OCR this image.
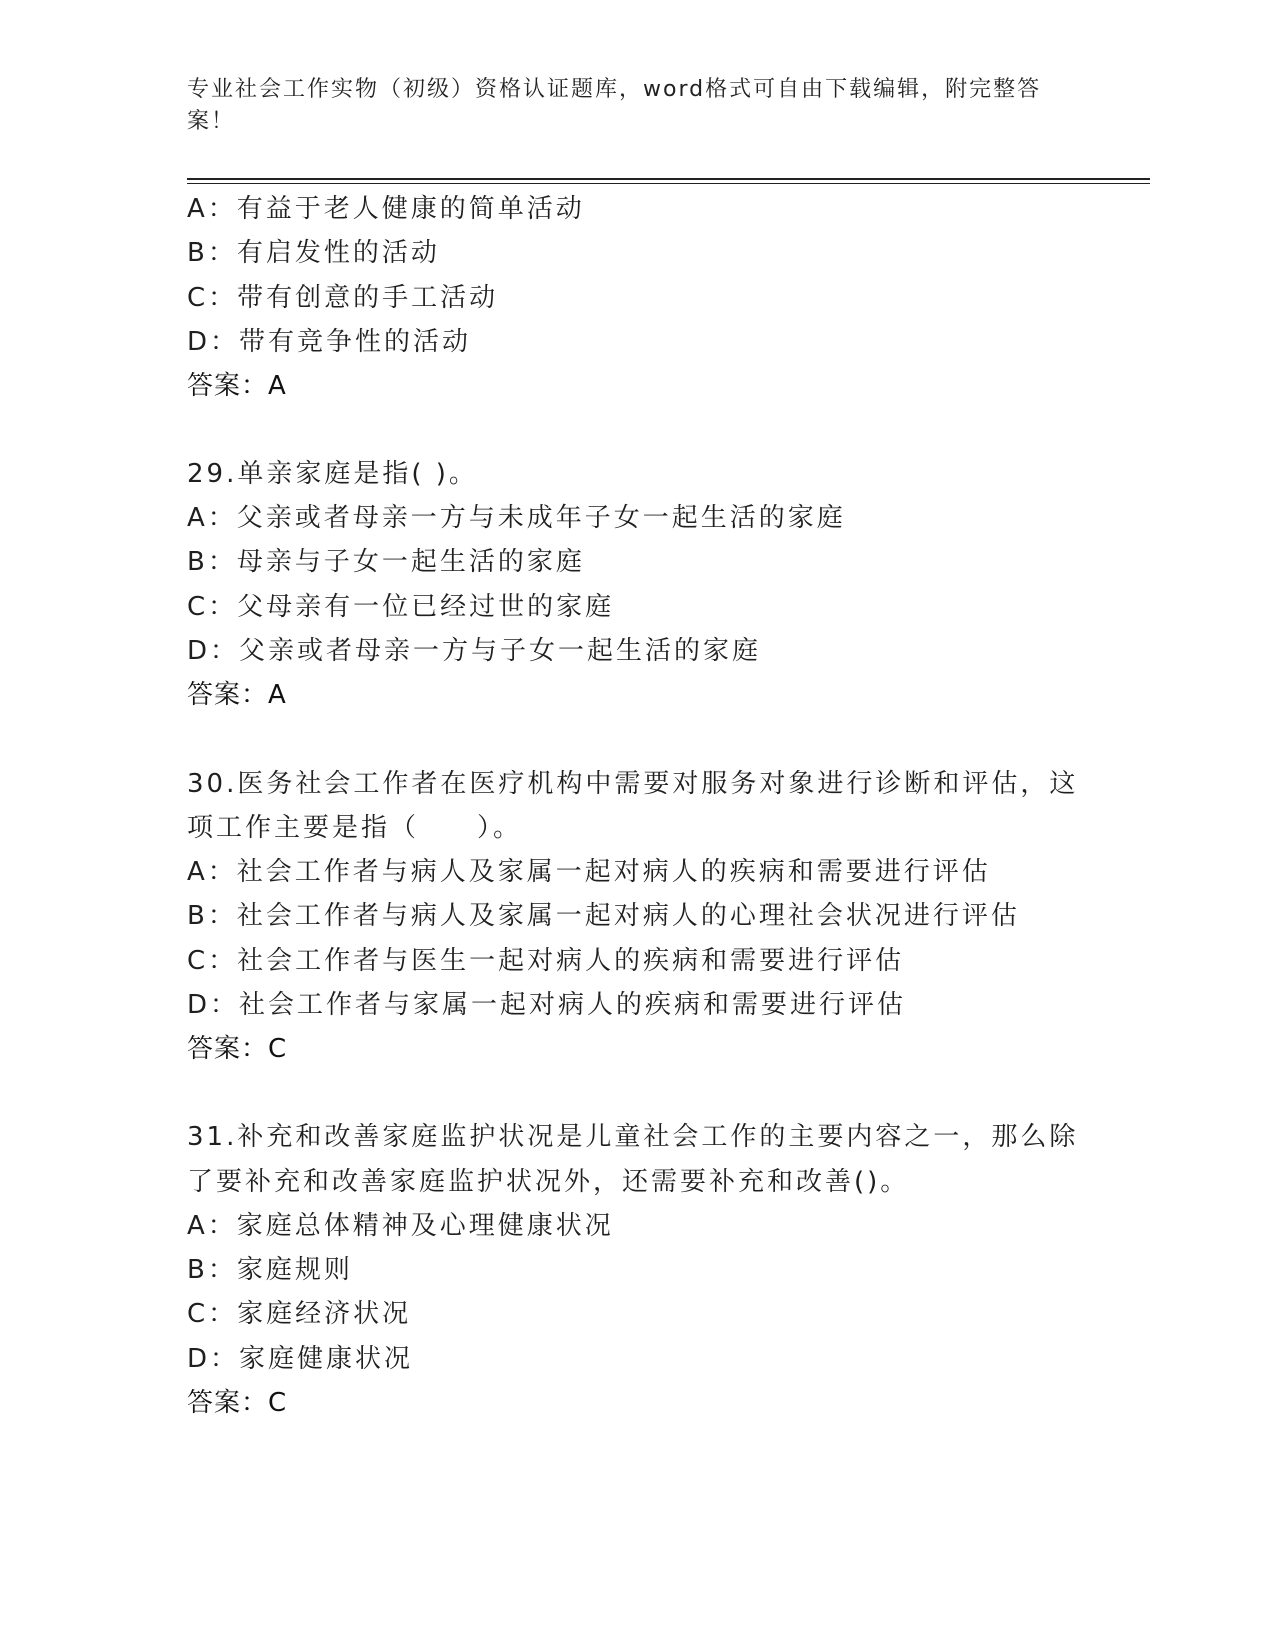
专业社会工作实物（初级）资格认证题库，word格式可自由下载编辑，附完整答
案！
A：有益于老人健康的简单活动
B：有启发性的活动
C：带有创意的手工活动
D：带有竞争性的活动
答案：A
29.单亲家庭是指( )。
A：父亲或者母亲一方与未成年子女一起生活的家庭
B：母亲与子女一起生活的家庭
C：父母亲有一位已经过世的家庭
D：父亲或者母亲一方与子女一起生活的家庭
答案：A
30.医务社会工作者在医疗机构中需要对服务对象进行诊断和评估，这
项工作主要是指（　　）。
A：社会工作者与病人及家属一起对病人的疾病和需要进行评估
B：社会工作者与病人及家属一起对病人的心理社会状况进行评估
C：社会工作者与医生一起对病人的疾病和需要进行评估
D：社会工作者与家属一起对病人的疾病和需要进行评估
答案：C
31.补充和改善家庭监护状况是儿童社会工作的主要内容之一，那么除
了要补充和改善家庭监护状况外，还需要补充和改善()。
A：家庭总体精神及心理健康状况
B：家庭规则
C：家庭经济状况
D：家庭健康状况
答案：C
